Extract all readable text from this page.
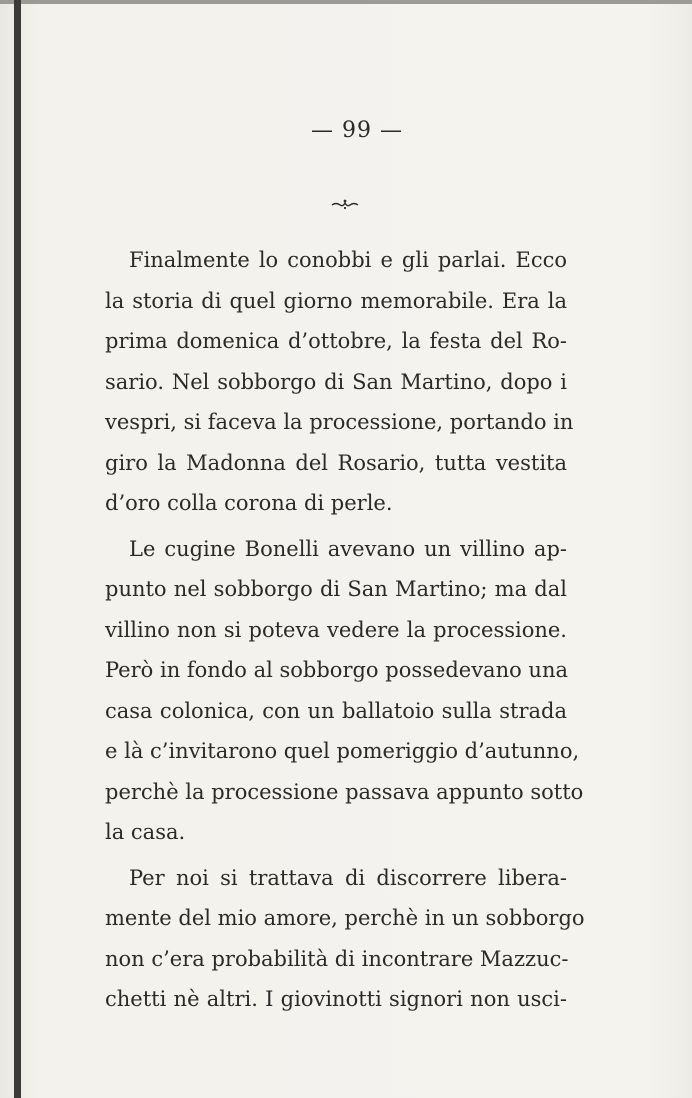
— 99 —
Finalmente lo conobbi e gli parlai. Ecco
la storia di quel giorno memorabile. Era la
prima domenica d’ottobre, la festa del Ro-
sario. Nel sobborgo di San Martino, dopo i
vespri, si faceva la processione, portando in
giro la Madonna del Rosario, tutta vestita
d’oro colla corona di perle.
Le cugine Bonelli avevano un villino ap-
punto nel sobborgo di San Martino; ma dal
villino non si poteva vedere la processione.
Però in fondo al sobborgo possedevano una
casa colonica, con un ballatoio sulla strada
e là c’invitarono quel pomeriggio d’autunno,
perchè la processione passava appunto sotto
la casa.
Per noi si trattava di discorrere libera-
mente del mio amore, perchè in un sobborgo
non c’era probabilità di incontrare Mazzuc-
chetti nè altri. I giovinotti signori non usci-
